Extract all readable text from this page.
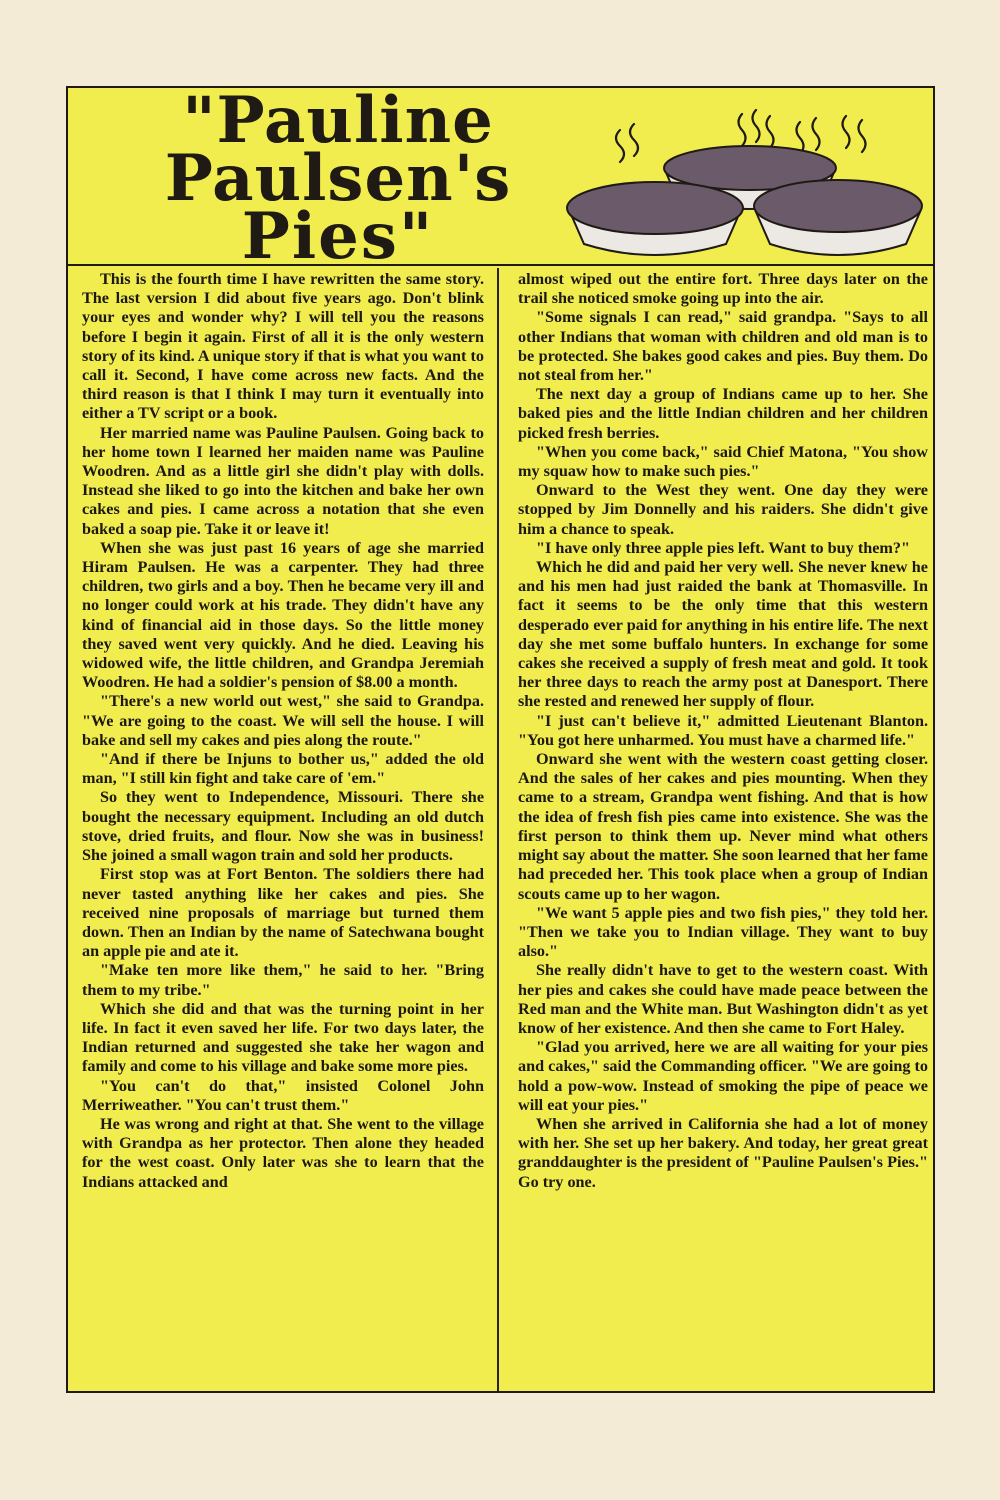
"Pauline
Paulsen's
Pies"

This is the fourth time I have rewritten the same story. The last version I did about five years ago. Don't blink your eyes and wonder why? I will tell you the reasons before I begin it again. First of all it is the only western story of its kind. A unique story if that is what you want to call it. Second, I have come across new facts. And the third reason is that I think I may turn it eventually into either a TV script or a book.

Her married name was Pauline Paulsen. Going back to her home town I learned her maiden name was Pauline Woodren. And as a little girl she didn't play with dolls. Instead she liked to go into the kitchen and bake her own cakes and pies. I came across a notation that she even baked a soap pie. Take it or leave it!

When she was just past 16 years of age she married Hiram Paulsen. He was a carpenter. They had three children, two girls and a boy. Then he became very ill and no longer could work at his trade. They didn't have any kind of financial aid in those days. So the little money they saved went very quickly. And he died. Leaving his widowed wife, the little children, and Grandpa Jeremiah Woodren. He had a soldier's pension of $8.00 a month.

"There's a new world out west," she said to Grandpa. "We are going to the coast. We will sell the house. I will bake and sell my cakes and pies along the route."

"And if there be Injuns to bother us," added the old man, "I still kin fight and take care of 'em."

So they went to Independence, Missouri. There she bought the necessary equipment. Including an old dutch stove, dried fruits, and flour. Now she was in business! She joined a small wagon train and sold her products.

First stop was at Fort Benton. The soldiers there had never tasted anything like her cakes and pies. She received nine proposals of marriage but turned them down. Then an Indian by the name of Satechwana bought an apple pie and ate it.

"Make ten more like them," he said to her. "Bring them to my tribe."

Which she did and that was the turning point in her life. In fact it even saved her life. For two days later, the Indian returned and suggested she take her wagon and family and come to his village and bake some more pies.

"You can't do that," insisted Colonel John Merriweather. "You can't trust them."

He was wrong and right at that. She went to the village with Grandpa as her protector. Then alone they headed for the west coast. Only later was she to learn that the Indians attacked and

almost wiped out the entire fort. Three days later on the trail she noticed smoke going up into the air.

"Some signals I can read," said grandpa. "Says to all other Indians that woman with children and old man is to be protected. She bakes good cakes and pies. Buy them. Do not steal from her."

The next day a group of Indians came up to her. She baked pies and the little Indian children and her children picked fresh berries.

"When you come back," said Chief Matona, "You show my squaw how to make such pies."

Onward to the West they went. One day they were stopped by Jim Donnelly and his raiders. She didn't give him a chance to speak.

"I have only three apple pies left. Want to buy them?"

Which he did and paid her very well. She never knew he and his men had just raided the bank at Thomasville. In fact it seems to be the only time that this western desperado ever paid for anything in his entire life. The next day she met some buffalo hunters. In exchange for some cakes she received a supply of fresh meat and gold. It took her three days to reach the army post at Danesport. There she rested and renewed her supply of flour.

"I just can't believe it," admitted Lieutenant Blanton. "You got here unharmed. You must have a charmed life."

Onward she went with the western coast getting closer. And the sales of her cakes and pies mounting. When they came to a stream, Grandpa went fishing. And that is how the idea of fresh fish pies came into existence. She was the first person to think them up. Never mind what others might say about the matter. She soon learned that her fame had preceded her. This took place when a group of Indian scouts came up to her wagon.

"We want 5 apple pies and two fish pies," they told her. "Then we take you to Indian village. They want to buy also."

She really didn't have to get to the western coast. With her pies and cakes she could have made peace between the Red man and the White man. But Washington didn't as yet know of her existence. And then she came to Fort Haley.

"Glad you arrived, here we are all waiting for your pies and cakes," said the Commanding officer. "We are going to hold a pow-wow. Instead of smoking the pipe of peace we will eat your pies."

When she arrived in California she had a lot of money with her. She set up her bakery. And today, her great great granddaughter is the president of "Pauline Paulsen's Pies." Go try one.
